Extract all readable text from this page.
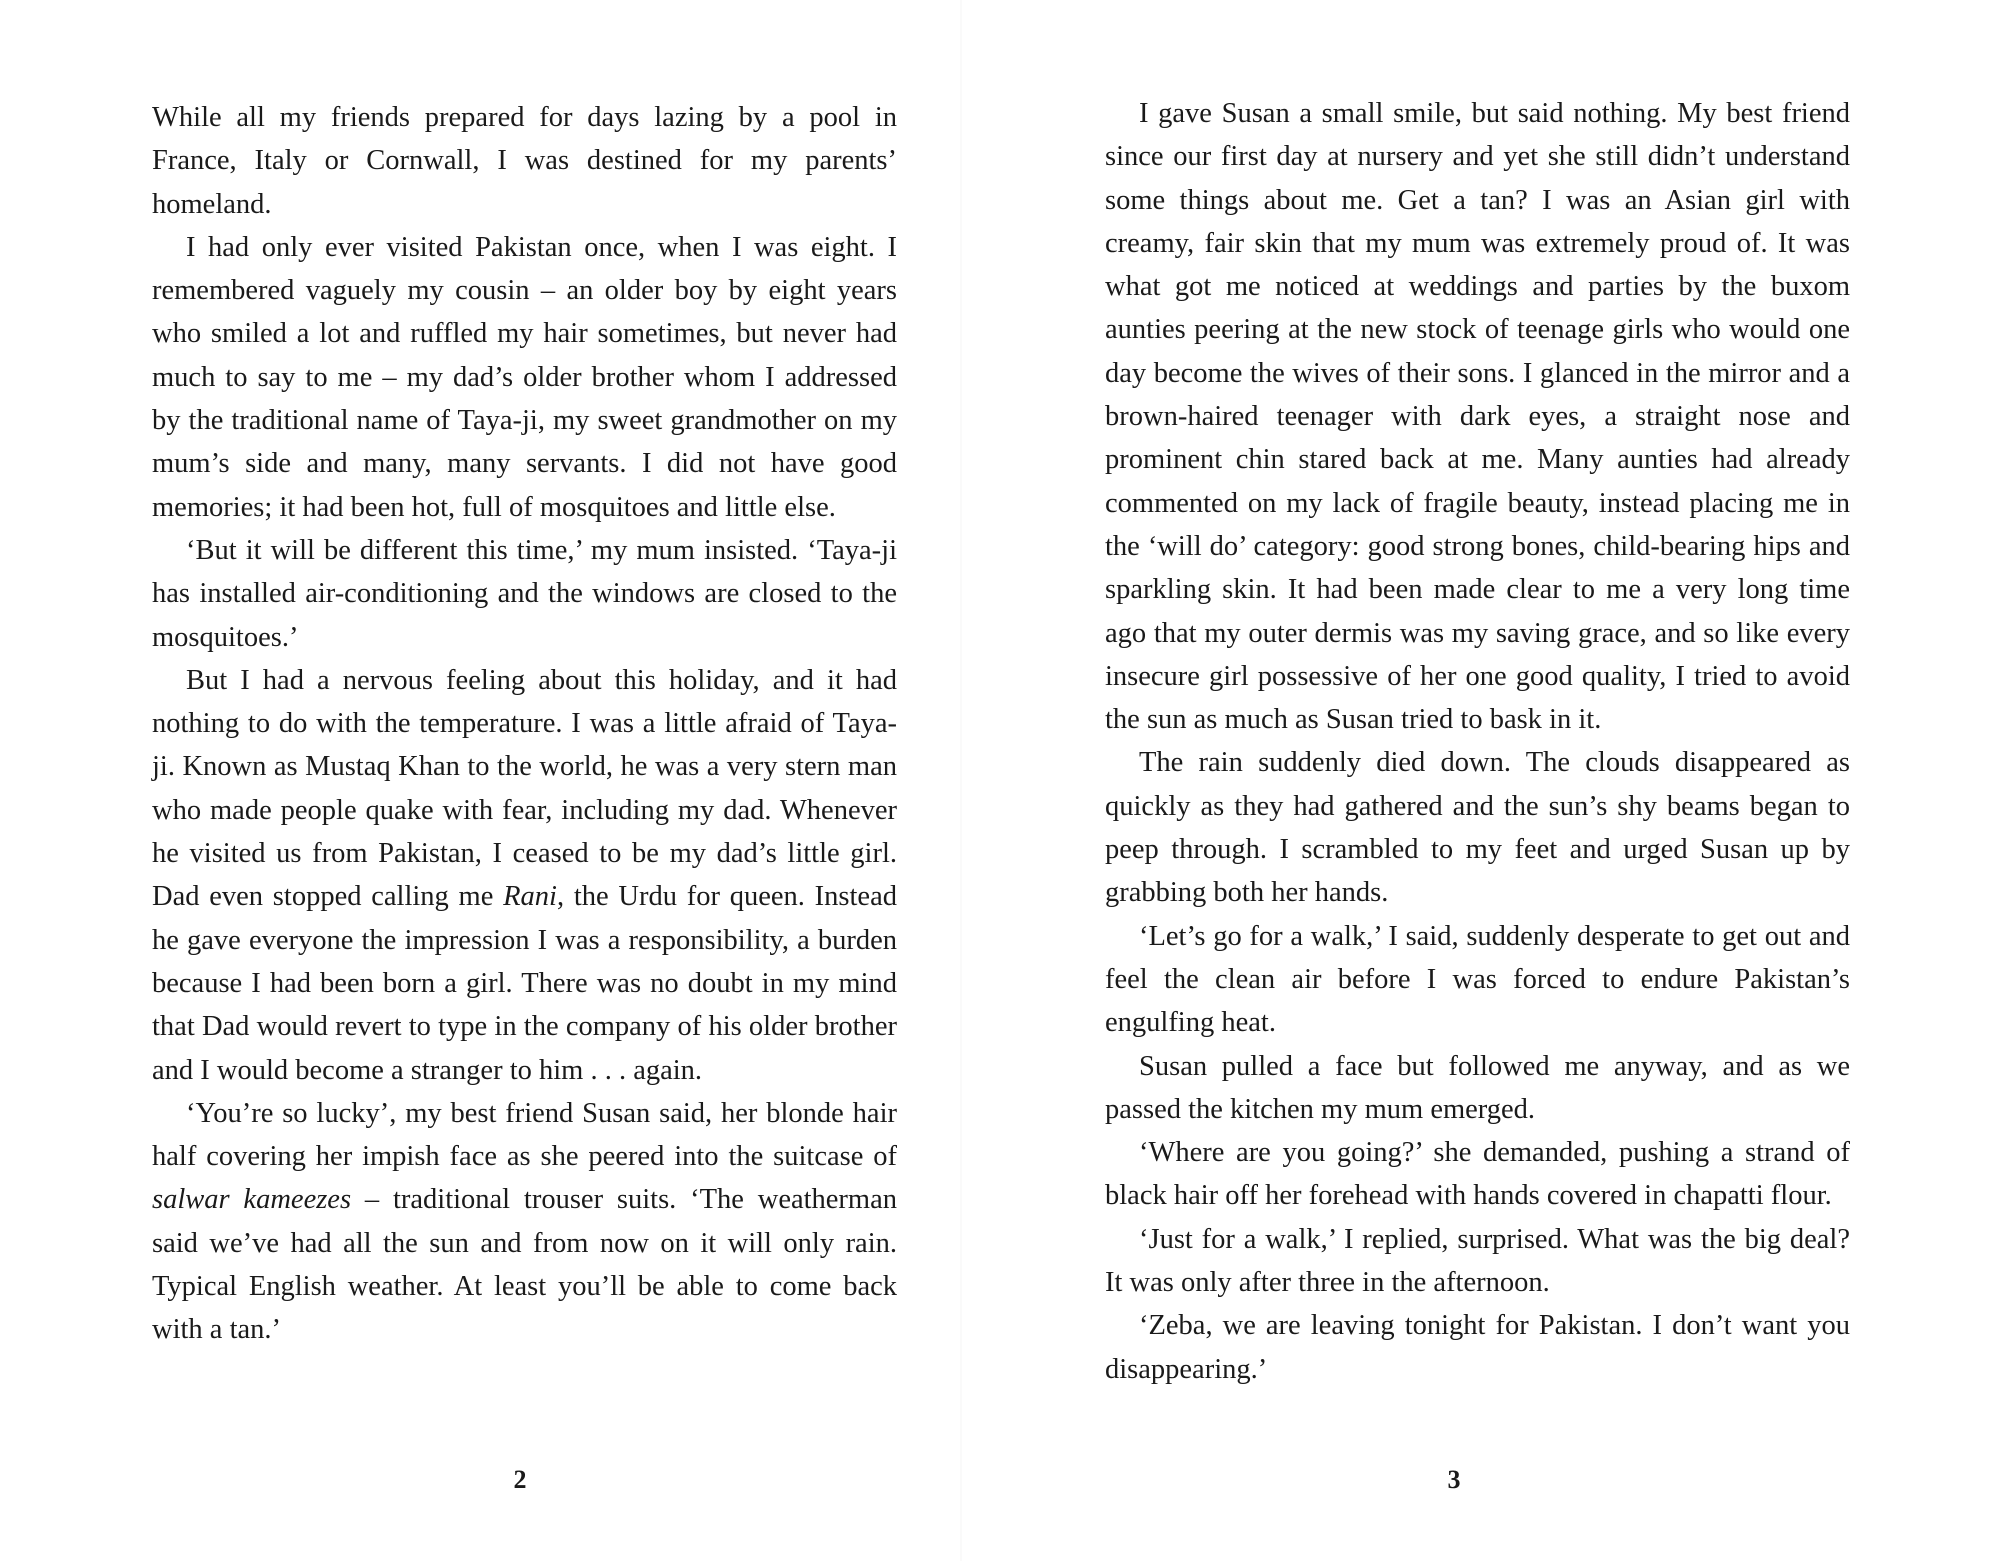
While all my friends prepared for days lazing by a pool in France, Italy or Cornwall, I was destined for my parents’ homeland.

I had only ever visited Pakistan once, when I was eight. I remembered vaguely my cousin – an older boy by eight years who smiled a lot and ruffled my hair sometimes, but never had much to say to me – my dad’s older brother whom I addressed by the traditional name of Taya-ji, my sweet grandmother on my mum’s side and many, many servants. I did not have good memories; it had been hot, full of mosquitoes and little else.

‘But it will be different this time,’ my mum insisted. ‘Taya-ji has installed air-conditioning and the windows are closed to the mosquitoes.’

But I had a nervous feeling about this holiday, and it had nothing to do with the temperature. I was a little afraid of Taya-ji. Known as Mustaq Khan to the world, he was a very stern man who made people quake with fear, including my dad. Whenever he visited us from Pakistan, I ceased to be my dad’s little girl. Dad even stopped calling me Rani, the Urdu for queen. Instead he gave everyone the impression I was a responsibility, a burden because I had been born a girl. There was no doubt in my mind that Dad would revert to type in the company of his older brother and I would become a stranger to him . . . again.

‘You’re so lucky’, my best friend Susan said, her blonde hair half covering her impish face as she peered into the suitcase of salwar kameezes – traditional trouser suits. ‘The weatherman said we’ve had all the sun and from now on it will only rain. Typical English weather. At least you’ll be able to come back with a tan.’

2

I gave Susan a small smile, but said nothing. My best friend since our first day at nursery and yet she still didn’t understand some things about me. Get a tan? I was an Asian girl with creamy, fair skin that my mum was extremely proud of. It was what got me noticed at weddings and parties by the buxom aunties peering at the new stock of teenage girls who would one day become the wives of their sons. I glanced in the mirror and a brown-haired teenager with dark eyes, a straight nose and prominent chin stared back at me. Many aunties had already commented on my lack of fragile beauty, instead placing me in the ‘will do’ category: good strong bones, child-bearing hips and sparkling skin. It had been made clear to me a very long time ago that my outer dermis was my saving grace, and so like every insecure girl possessive of her one good quality, I tried to avoid the sun as much as Susan tried to bask in it.

The rain suddenly died down. The clouds disappeared as quickly as they had gathered and the sun’s shy beams began to peep through. I scrambled to my feet and urged Susan up by grabbing both her hands.

‘Let’s go for a walk,’ I said, suddenly desperate to get out and feel the clean air before I was forced to endure Pakistan’s engulfing heat.

Susan pulled a face but followed me anyway, and as we passed the kitchen my mum emerged.

‘Where are you going?’ she demanded, pushing a strand of black hair off her forehead with hands covered in chapatti flour.

‘Just for a walk,’ I replied, surprised. What was the big deal? It was only after three in the afternoon.

‘Zeba, we are leaving tonight for Pakistan. I don’t want you disappearing.’

3
